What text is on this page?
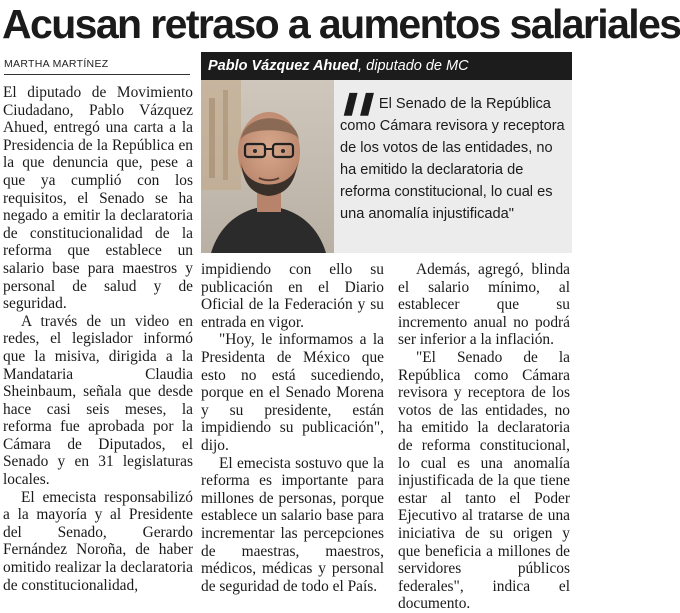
Acusan retraso a aumentos salariales
MARTHA MARTÍNEZ	Pablo Vázquez Ahued, diputado de MC
❚❚ El Senado de la República como Cámara revisora y receptora de los votos de las entidades, no ha emitido la declaratoria de reforma constitucional, lo cual es una anomalía injustificada"

El diputado de Movimiento Ciudadano, Pablo Vázquez Ahued, entregó una carta a la Presidencia de la República en la que denuncia que, pese a que ya cumplió con los requisitos, el Senado se ha negado a emitir la declaratoria de constitucionalidad de la reforma que establece un salario base para maestros y personal de salud y de seguridad.

A través de un video en redes, el legislador informó que la misiva, dirigida a la Mandataria Claudia Sheinbaum, señala que desde hace casi seis meses, la reforma fue aprobada por la Cámara de Diputados, el Senado y en 31 legislaturas locales.

El emecista responsabilizó a la mayoría y al Presidente del Senado, Gerardo Fernández Noroña, de haber omitido realizar la declaratoria de constitucionalidad,

impidiendo con ello su publicación en el Diario Oficial de la Federación y su entrada en vigor.

"Hoy, le informamos a la Presidenta de México que esto no está sucediendo, porque en el Senado Morena y su presidente, están impidiendo su publicación", dijo.

El emecista sostuvo que la reforma es importante para millones de personas, porque establece un salario base para incrementar las percepciones de maestras, maestros, médicos, médicas y personal de seguridad de todo el País.

Además, agregó, blinda el salario mínimo, al establecer que su incremento anual no podrá ser inferior a la inflación.

"El Senado de la República como Cámara revisora y receptora de los votos de las entidades, no ha emitido la declaratoria de reforma constitucional, lo cual es una anomalía injustificada de la que tiene estar al tanto el Poder Ejecutivo al tratarse de una iniciativa de su origen y que beneficia a millones de servidores públicos federales", indica el documento.
